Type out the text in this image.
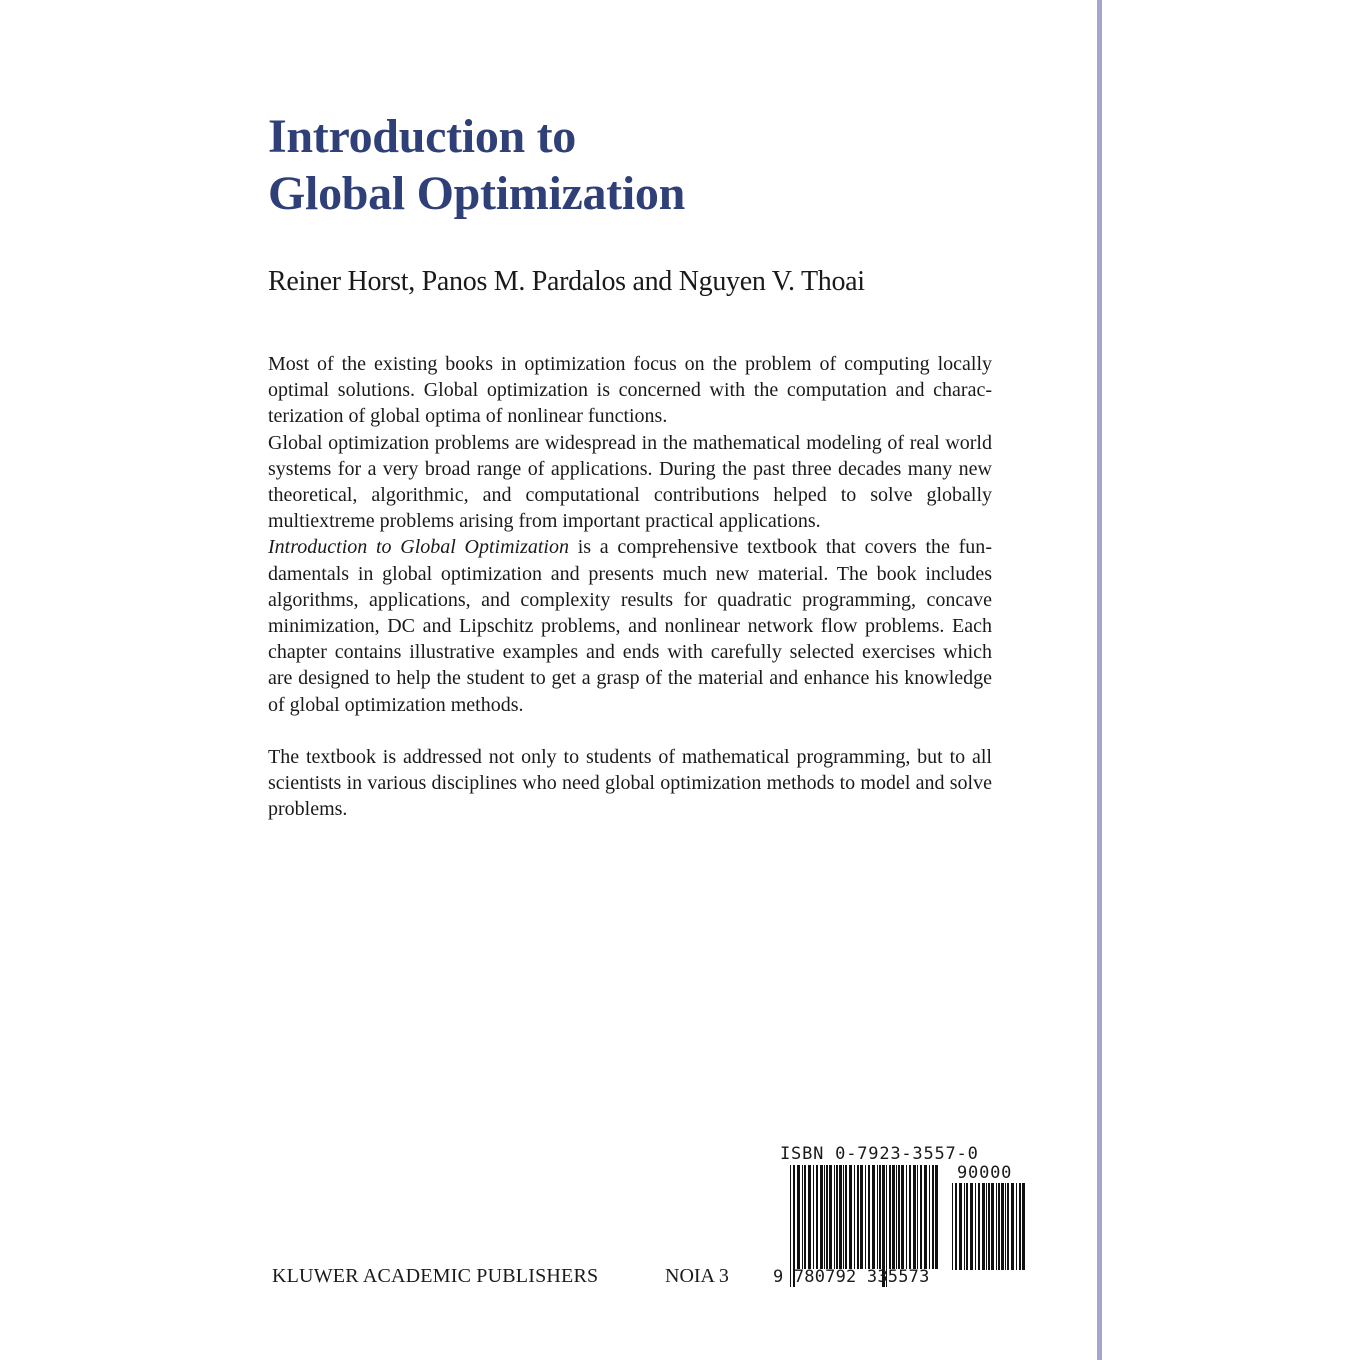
Introduction to
Global Optimization

Reiner Horst, Panos M. Pardalos and Nguyen V. Thoai

Most of the existing books in optimization focus on the problem of computing locally optimal solutions. Global optimization is concerned with the computation and characterization of global optima of nonlinear functions.

Global optimization problems are widespread in the mathematical modeling of real world systems for a very broad range of applications. During the past three decades many new theoretical, algorithmic, and computational contributions helped to solve globally multiextreme problems arising from important practical applications.

Introduction to Global Optimization is a comprehensive textbook that covers the fundamentals in global optimization and presents much new material. The book includes algorithms, applications, and complexity results for quadratic programming, concave minimization, DC and Lipschitz problems, and nonlinear network flow problems. Each chapter contains illustrative examples and ends with carefully selected exercises which are designed to help the student to get a grasp of the material and enhance his knowledge of global optimization methods.

The textbook is addressed not only to students of mathematical programming, but to all scientists in various disciplines who need global optimization methods to model and solve problems.

ISBN 0-7923-3557-0
90000
9 780792 335573
KLUWER ACADEMIC PUBLISHERS	NOIA 3
